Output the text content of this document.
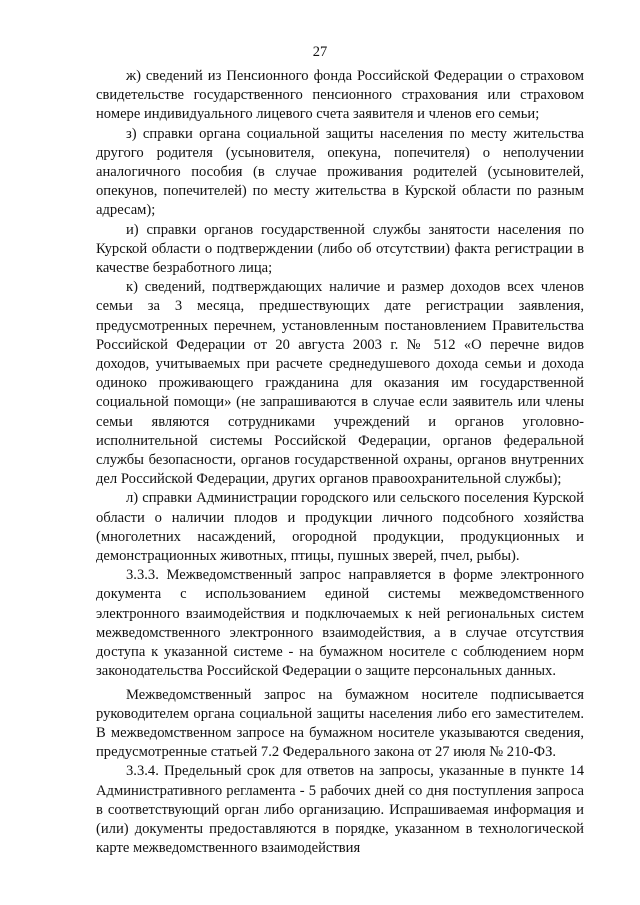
27

ж) сведений из Пенсионного фонда Российской Федерации о страховом свидетельстве государственного пенсионного страхования или страховом номере индивидуального лицевого счета заявителя и членов его семьи;

з) справки органа социальной защиты населения по месту жительства другого родителя (усыновителя, опекуна, попечителя) о неполучении аналогичного пособия (в случае проживания родителей (усыновителей, опекунов, попечителей) по месту жительства в Курской области по разным адресам);

и) справки органов государственной службы занятости населения по Курской области о подтверждении (либо об отсутствии) факта регистрации в качестве безработного лица;

к) сведений, подтверждающих наличие и размер доходов всех членов семьи за 3 месяца, предшествующих дате регистрации заявления, предусмотренных перечнем, установленным постановлением Правительства Российской Федерации от 20 августа 2003 г. № 512 «О перечне видов доходов, учитываемых при расчете среднедушевого дохода семьи и дохода одиноко проживающего гражданина для оказания им государственной социальной помощи» (не запрашиваются в случае если заявитель или члены семьи являются сотрудниками учреждений и органов уголовно-исполнительной системы Российской Федерации, органов федеральной службы безопасности, органов государственной охраны, органов внутренних дел Российской Федерации, других органов правоохранительной службы);

л) справки Администрации городского или сельского поселения Курской области о наличии плодов и продукции личного подсобного хозяйства (многолетних насаждений, огородной продукции, продукционных и демонстрационных животных, птицы, пушных зверей, пчел, рыбы).

3.3.3. Межведомственный запрос направляется в форме электронного документа с использованием единой системы межведомственного электронного взаимодействия и подключаемых к ней региональных систем межведомственного электронного взаимодействия, а в случае отсутствия доступа к указанной системе - на бумажном носителе с соблюдением норм законодательства Российской Федерации о защите персональных данных.

Межведомственный запрос на бумажном носителе подписывается руководителем органа социальной защиты населения либо его заместителем. В межведомственном запросе на бумажном носителе указываются сведения, предусмотренные статьей 7.2 Федерального закона от 27 июля № 210-ФЗ.

3.3.4. Предельный срок для ответов на запросы, указанные в пункте 14 Административного регламента - 5 рабочих дней со дня поступления запроса в соответствующий орган либо организацию. Испрашиваемая информация и (или) документы предоставляются в порядке, указанном в технологической карте межведомственного взаимодействия
